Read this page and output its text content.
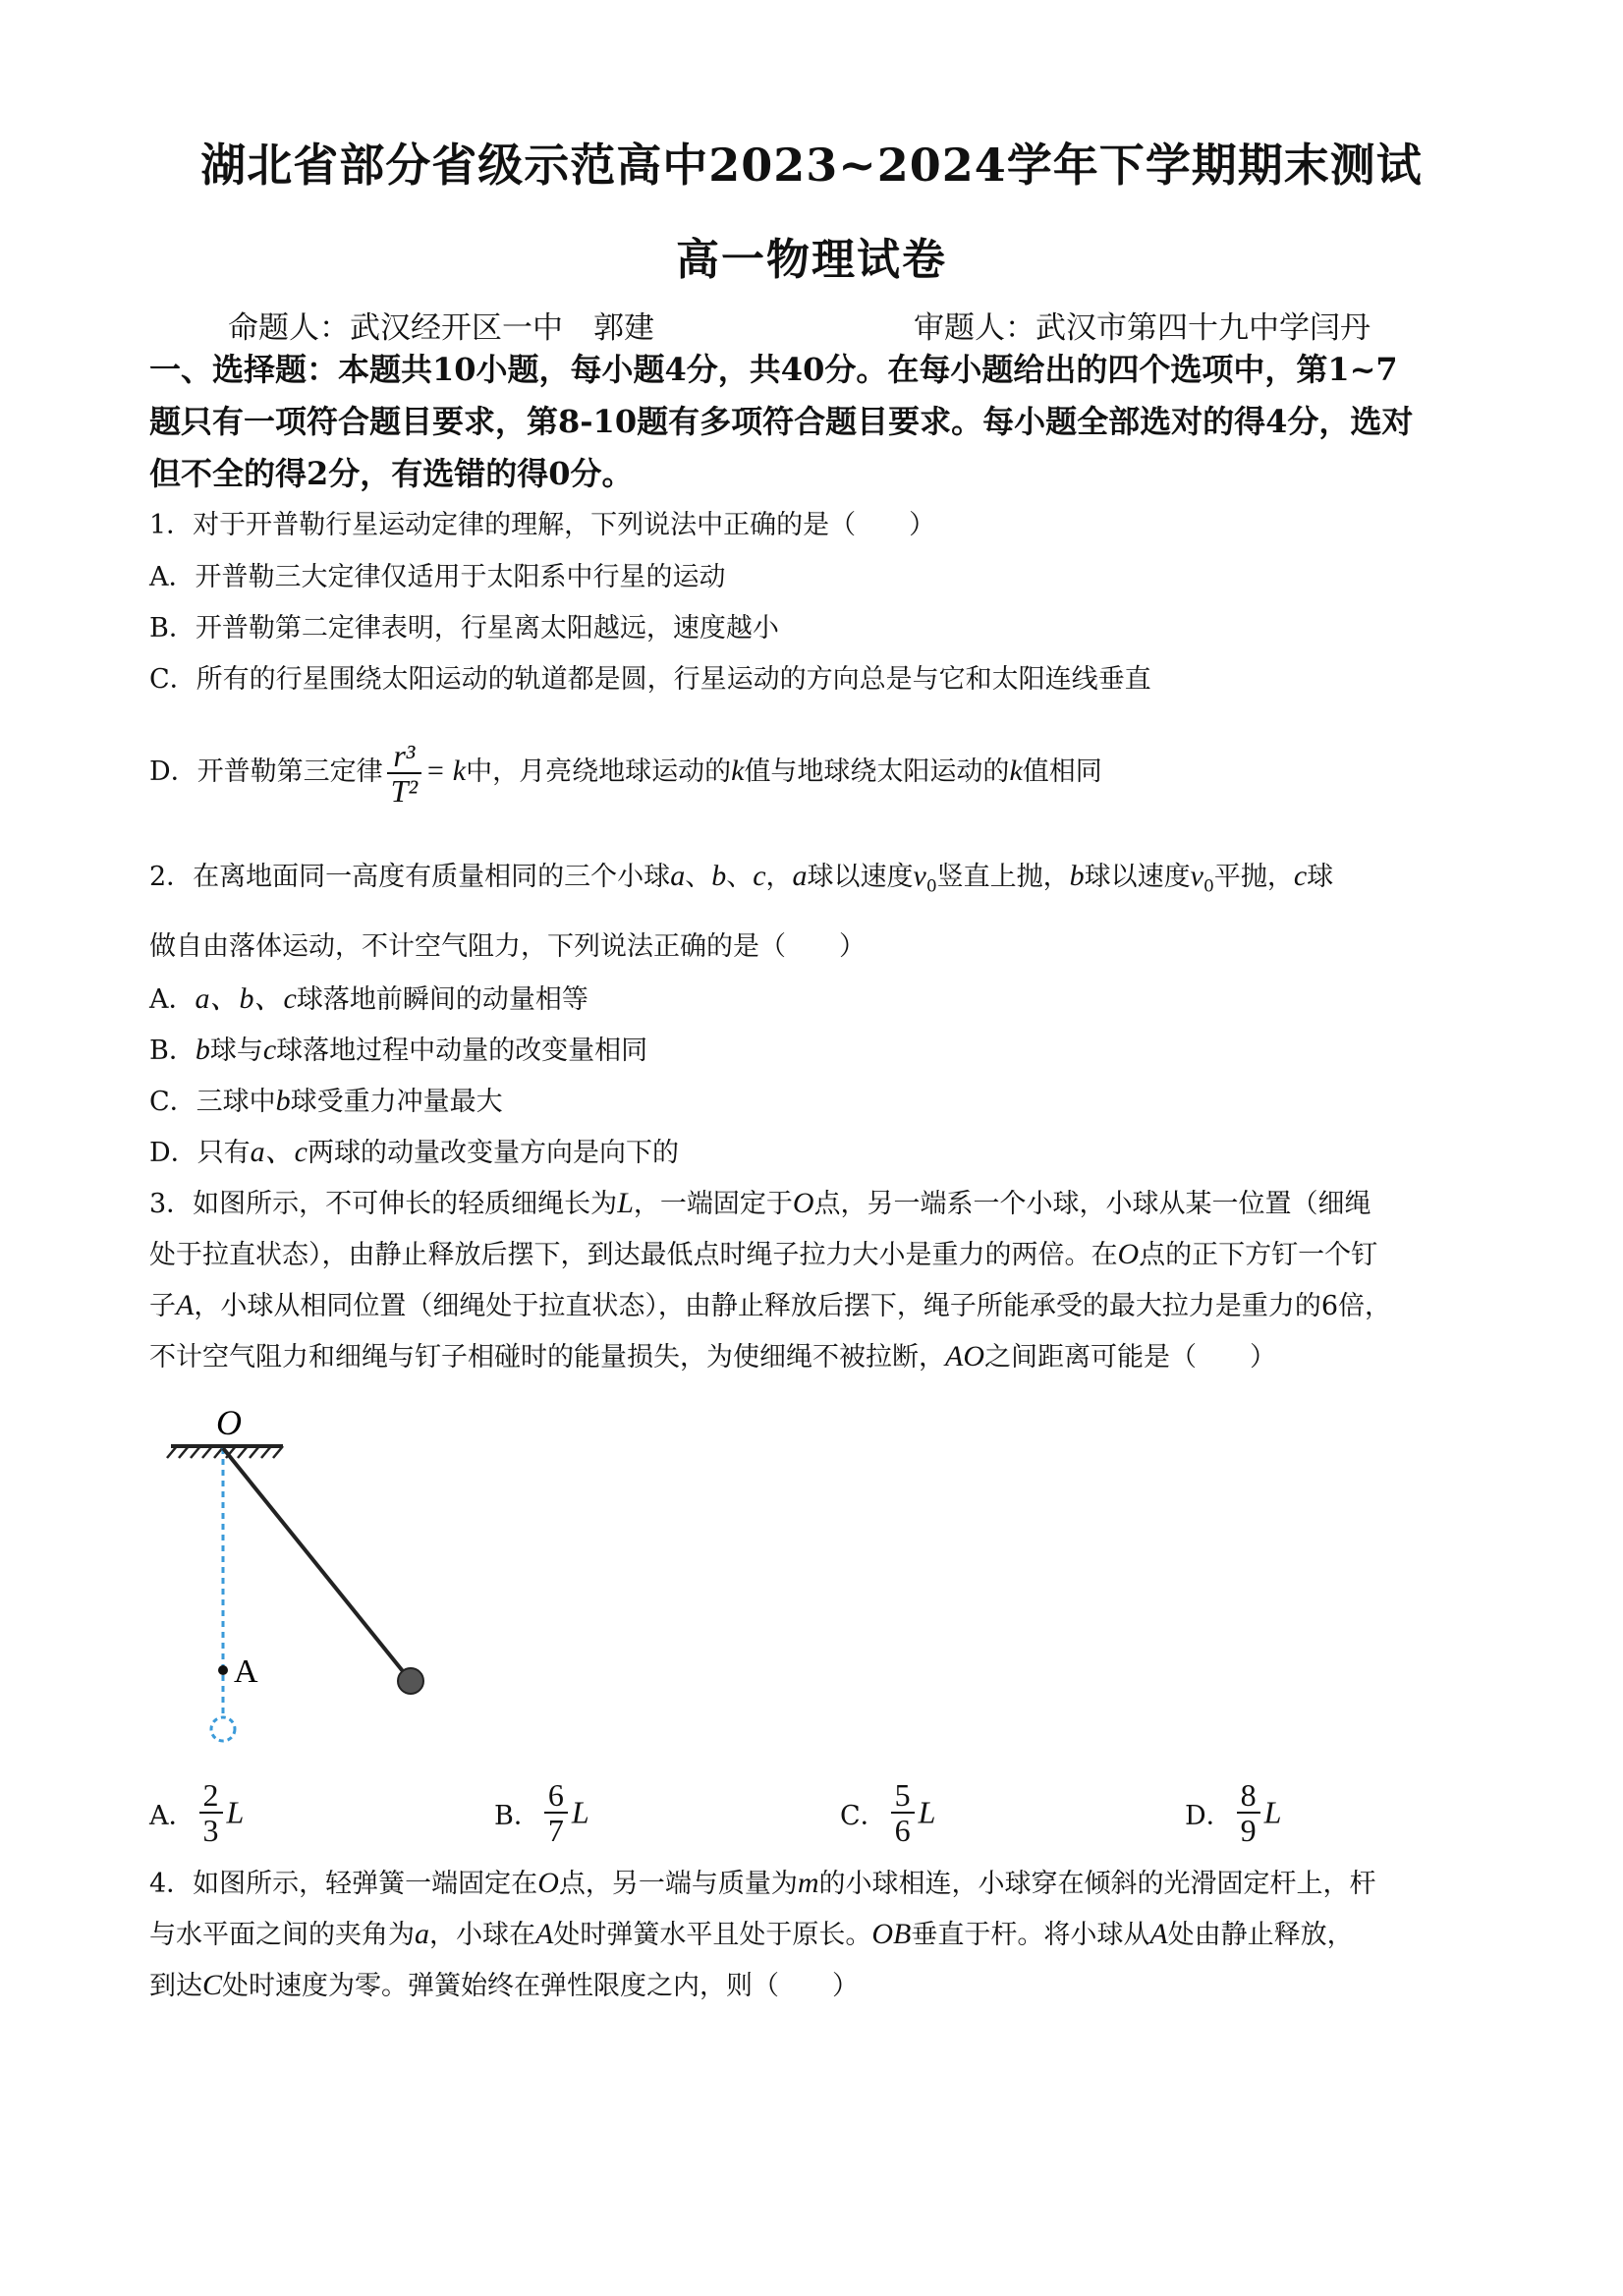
湖北省部分省级示范高中2023~2024学年下学期期末测试
高一物理试卷
命题人：武汉经开区一中　郭建	审题人：武汉市第四十九中学闫丹
一、选择题：本题共10小题，每小题4分，共40分。在每小题给出的四个选项中，第1~7
题只有一项符合题目要求，第8-10题有多项符合题目要求。每小题全部选对的得4分，选对
但不全的得2分，有选错的得0分。
1．对于开普勒行星运动定律的理解，下列说法中正确的是（　　）
A．开普勒三大定律仅适用于太阳系中行星的运动
B．开普勒第二定律表明，行星离太阳越远，速度越小
C．所有的行星围绕太阳运动的轨道都是圆，行星运动的方向总是与它和太阳连线垂直
D．开普勒第三定律 $\frac{\text{r³}}{\text{T²}} = k$中，月亮绕地球运动的k值与地球绕太阳运动的k值相同
2．在离地面同一高度有质量相同的三个小球a、b、c，a球以速度$v_0$竖直上抛，b球以速度$v_0$平抛，c球
做自由落体运动，不计空气阻力，下列说法正确的是（　　）
A．a、b、c球落地前瞬间的动量相等
B．b球与c球落地过程中动量的改变量相同
C．三球中b球受重力冲量最大
D．只有a、c两球的动量改变量方向是向下的
3．如图所示，不可伸长的轻质细绳长为L，一端固定于O点，另一端系一个小球，小球从某一位置（细绳
处于拉直状态），由静止释放后摆下，到达最低点时绳子拉力大小是重力的两倍。在O点的正下方钉一个钉
子A，小球从相同位置（细绳处于拉直状态），由静止释放后摆下，绳子所能承受的最大拉力是重力的6倍，
不计空气阻力和细绳与钉子相碰时的能量损失，为使细绳不被拉断，AO之间距离可能是（　　）
O
A
A． $\frac{2}{3}$ L	B． $\frac{6}{7}$ L	C． $\frac{5}{6}$ L	D． $\frac{8}{9}$ L
4．如图所示，轻弹簧一端固定在O点，另一端与质量为m的小球相连，小球穿在倾斜的光滑固定杆上，杆
与水平面之间的夹角为a，小球在A处时弹簧水平且处于原长。OB垂直于杆。将小球从A处由静止释放，
到达C处时速度为零。弹簧始终在弹性限度之内，则（　　）
